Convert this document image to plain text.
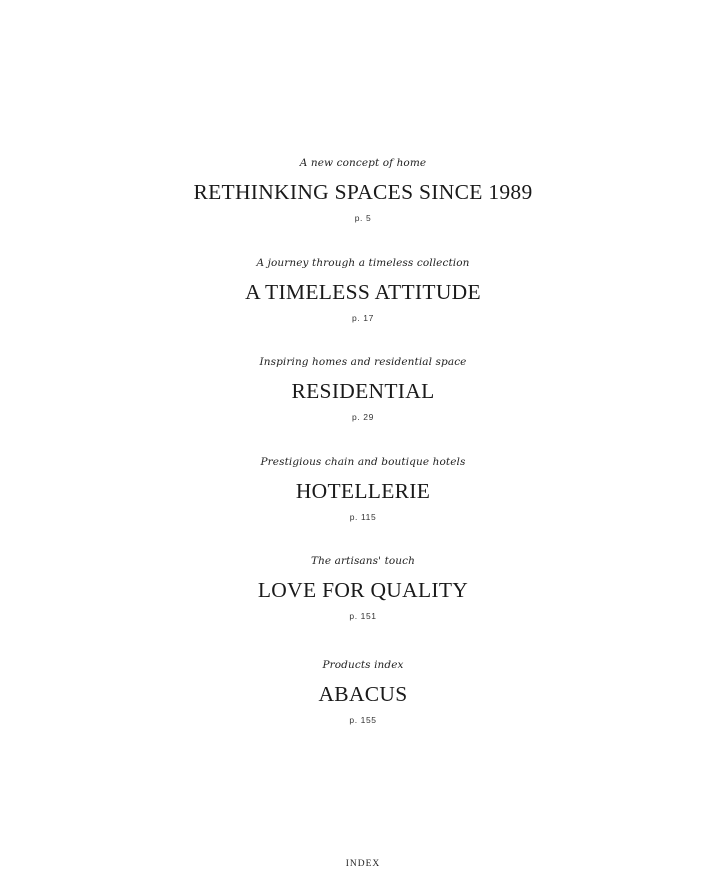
A new concept of home
RETHINKING SPACES SINCE 1989
p. 5
A journey through a timeless collection
A TIMELESS ATTITUDE
p. 17
Inspiring homes and residential space
RESIDENTIAL
p. 29
Prestigious chain and boutique hotels
HOTELLERIE
p. 115
The artisans' touch
LOVE FOR QUALITY
p. 151
Products index
ABACUS
p. 155
INDEX
